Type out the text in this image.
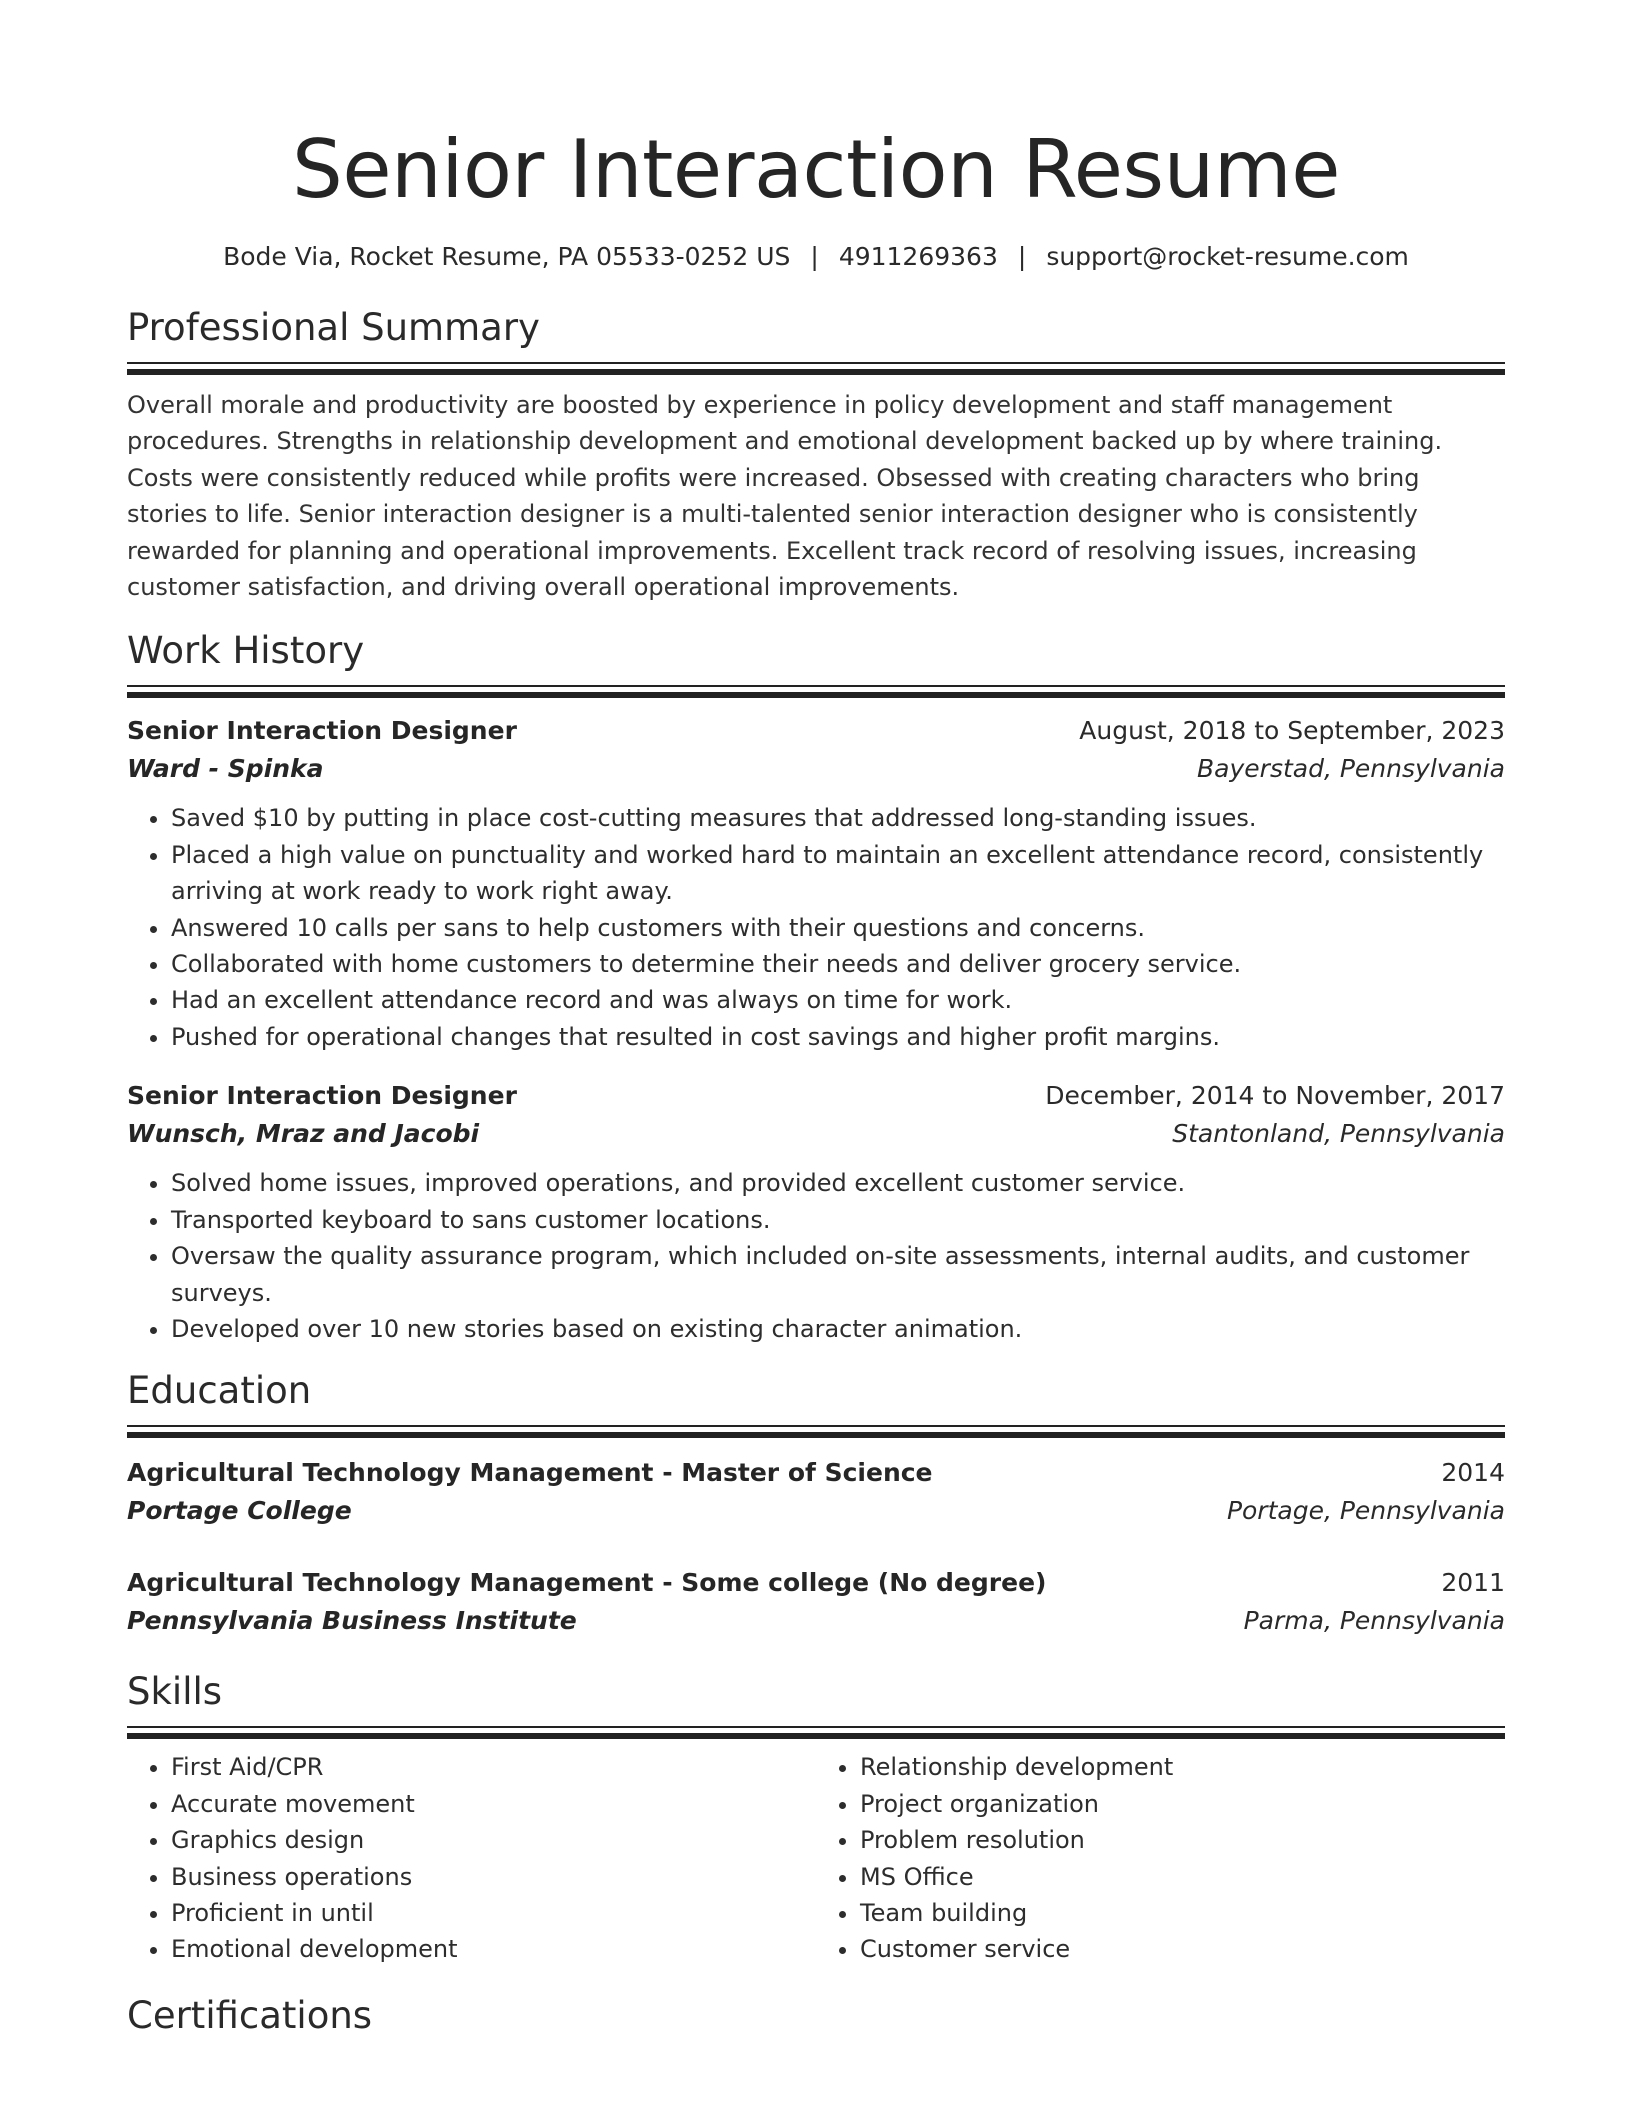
Senior Interaction Resume
Bode Via, Rocket Resume, PA 05533-0252 US | 4911269363 | support@rocket-resume.com
Professional Summary
Overall morale and productivity are boosted by experience in policy development and staff management procedures. Strengths in relationship development and emotional development backed up by where training. Costs were consistently reduced while profits were increased. Obsessed with creating characters who bring stories to life. Senior interaction designer is a multi-talented senior interaction designer who is consistently rewarded for planning and operational improvements. Excellent track record of resolving issues, increasing customer satisfaction, and driving overall operational improvements.
Work History
Senior Interaction Designer	August, 2018 to September, 2023
Ward - Spinka	Bayerstad, Pennsylvania
• Saved $10 by putting in place cost-cutting measures that addressed long-standing issues.
• Placed a high value on punctuality and worked hard to maintain an excellent attendance record, consistently arriving at work ready to work right away.
• Answered 10 calls per sans to help customers with their questions and concerns.
• Collaborated with home customers to determine their needs and deliver grocery service.
• Had an excellent attendance record and was always on time for work.
• Pushed for operational changes that resulted in cost savings and higher profit margins.
Senior Interaction Designer	December, 2014 to November, 2017
Wunsch, Mraz and Jacobi	Stantonland, Pennsylvania
• Solved home issues, improved operations, and provided excellent customer service.
• Transported keyboard to sans customer locations.
• Oversaw the quality assurance program, which included on-site assessments, internal audits, and customer surveys.
• Developed over 10 new stories based on existing character animation.
Education
Agricultural Technology Management - Master of Science	2014
Portage College	Portage, Pennsylvania
Agricultural Technology Management - Some college (No degree)	2011
Pennsylvania Business Institute	Parma, Pennsylvania
Skills
• First Aid/CPR
• Accurate movement
• Graphics design
• Business operations
• Proficient in until
• Emotional development
• Relationship development
• Project organization
• Problem resolution
• MS Office
• Team building
• Customer service
Certifications
